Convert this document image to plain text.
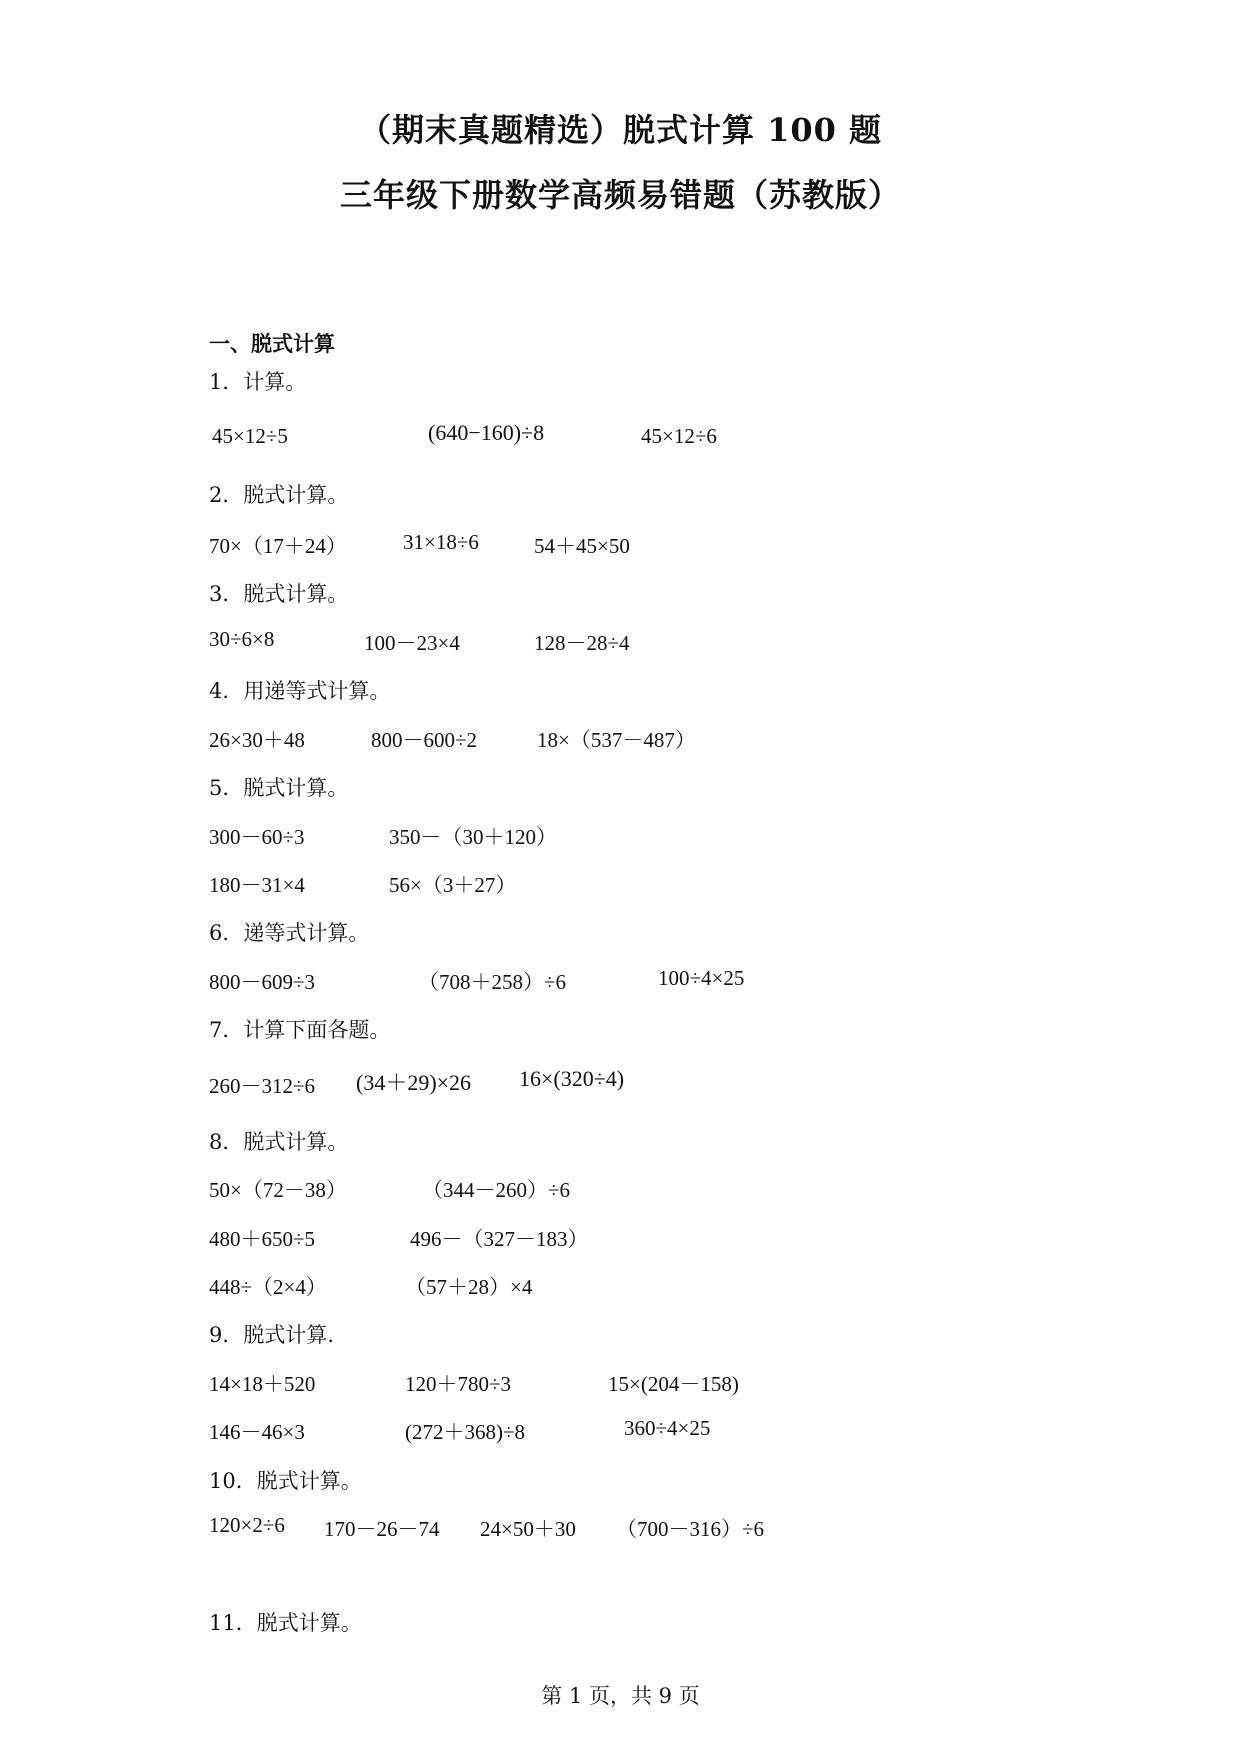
（期末真题精选）脱式计算 100 题
三年级下册数学高频易错题（苏教版）
一、脱式计算
1．计算。
45×12÷5	(640−160)÷8	45×12÷6
2．脱式计算。
70×（17＋24）	31×18÷6	54＋45×50
3．脱式计算。
30÷6×8	100－23×4	128－28÷4
4．用递等式计算。
26×30＋48	800－600÷2	18×（537－487）
5．脱式计算。
300－60÷3	350－（30＋120）
180－31×4	56×（3＋27）
6．递等式计算。
800－609÷3	（708＋258）÷6	100÷4×25
7．计算下面各题。
260－312÷6 (34＋29)×26 16×(320÷4)
8．脱式计算。
50×（72－38）	（344－260）÷6
480＋650÷5	496－（327－183）
448÷（2×4）	（57＋28）×4
9．脱式计算.
14×18＋520	120＋780÷3	15×(204－158)
146－46×3	(272＋368)÷8	360÷4×25
10．脱式计算。
120×2÷6 170－26－74 24×50＋30 （700－316）÷6
11．脱式计算。
第 1 页，共 9 页
